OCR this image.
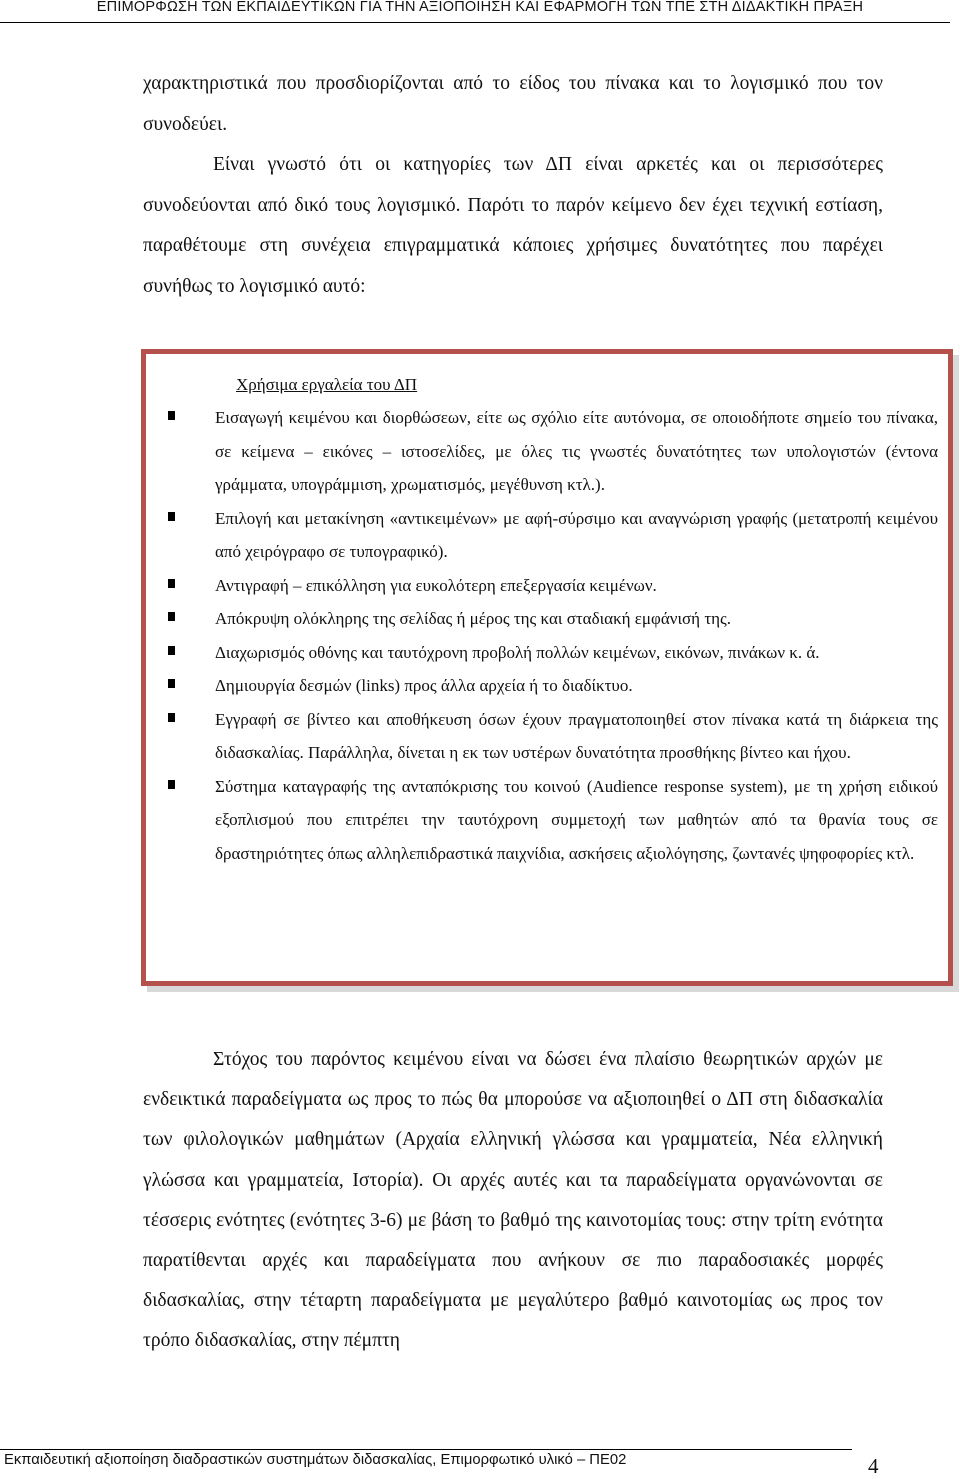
ΕΠΙΜΟΡΦΩΣΗ ΤΩΝ ΕΚΠΑΙΔΕΥΤΙΚΩΝ ΓΙΑ ΤΗΝ ΑΞΙΟΠΟΙΗΣΗ ΚΑΙ ΕΦΑΡΜΟΓΗ ΤΩΝ ΤΠΕ ΣΤΗ ΔΙΔΑΚΤΙΚΗ ΠΡΑΞΗ

χαρακτηριστικά που προσδιορίζονται από το είδος του πίνακα και το λογισμικό που τον συνοδεύει.

Είναι γνωστό ότι οι κατηγορίες των ΔΠ είναι αρκετές και οι περισσότερες συνοδεύονται από δικό τους λογισμικό. Παρότι το παρόν κείμενο δεν έχει τεχνική εστίαση, παραθέτουμε στη συνέχεια επιγραμματικά κάποιες χρήσιμες δυνατότητες που παρέχει συνήθως το λογισμικό αυτό:

Χρήσιμα εργαλεία του ΔΠ
Εισαγωγή κειμένου και διορθώσεων, είτε ως σχόλιο είτε αυτόνομα, σε οποιοδήποτε σημείο του πίνακα, σε κείμενα – εικόνες – ιστοσελίδες, με όλες τις γνωστές δυνατότητες των υπολογιστών (έντονα γράμματα, υπογράμμιση, χρωματισμός, μεγέθυνση κτλ.).
Επιλογή και μετακίνηση «αντικειμένων» με αφή-σύρσιμο και αναγνώριση γραφής (μετατροπή κειμένου από χειρόγραφο σε τυπογραφικό).
Αντιγραφή – επικόλληση για ευκολότερη επεξεργασία κειμένων.
Απόκρυψη ολόκληρης της σελίδας ή μέρος της και σταδιακή εμφάνισή της.
Διαχωρισμός οθόνης και ταυτόχρονη προβολή πολλών κειμένων, εικόνων, πινάκων κ. ά.
Δημιουργία δεσμών (links) προς άλλα αρχεία ή το διαδίκτυο.
Εγγραφή σε βίντεο και αποθήκευση όσων έχουν πραγματοποιηθεί στον πίνακα κατά τη διάρκεια της διδασκαλίας. Παράλληλα, δίνεται η εκ των υστέρων δυνατότητα προσθήκης βίντεο και ήχου.
Σύστημα καταγραφής της ανταπόκρισης του κοινού (Audience response system), με τη χρήση ειδικού εξοπλισμού που επιτρέπει την ταυτόχρονη συμμετοχή των μαθητών από τα θρανία τους σε δραστηριότητες όπως αλληλεπιδραστικά παιχνίδια, ασκήσεις αξιολόγησης, ζωντανές ψηφοφορίες κτλ.

Στόχος του παρόντος κειμένου είναι να δώσει ένα πλαίσιο θεωρητικών αρχών με ενδεικτικά παραδείγματα ως προς το πώς θα μπορούσε να αξιοποιηθεί ο ΔΠ στη διδασκαλία των φιλολογικών μαθημάτων (Αρχαία ελληνική γλώσσα και γραμματεία, Νέα ελληνική γλώσσα και γραμματεία, Ιστορία). Οι αρχές αυτές και τα παραδείγματα οργανώνονται σε τέσσερις ενότητες (ενότητες 3-6) με βάση το βαθμό της καινοτομίας τους: στην τρίτη ενότητα παρατίθενται αρχές και παραδείγματα που ανήκουν σε πιο παραδοσιακές μορφές διδασκαλίας, στην τέταρτη παραδείγματα με μεγαλύτερο βαθμό καινοτομίας ως προς τον τρόπο διδασκαλίας, στην πέμπτη

Εκπαιδευτική αξιοποίηση διαδραστικών συστημάτων διδασκαλίας, Επιμορφωτικό υλικό – ΠΕ02	4
